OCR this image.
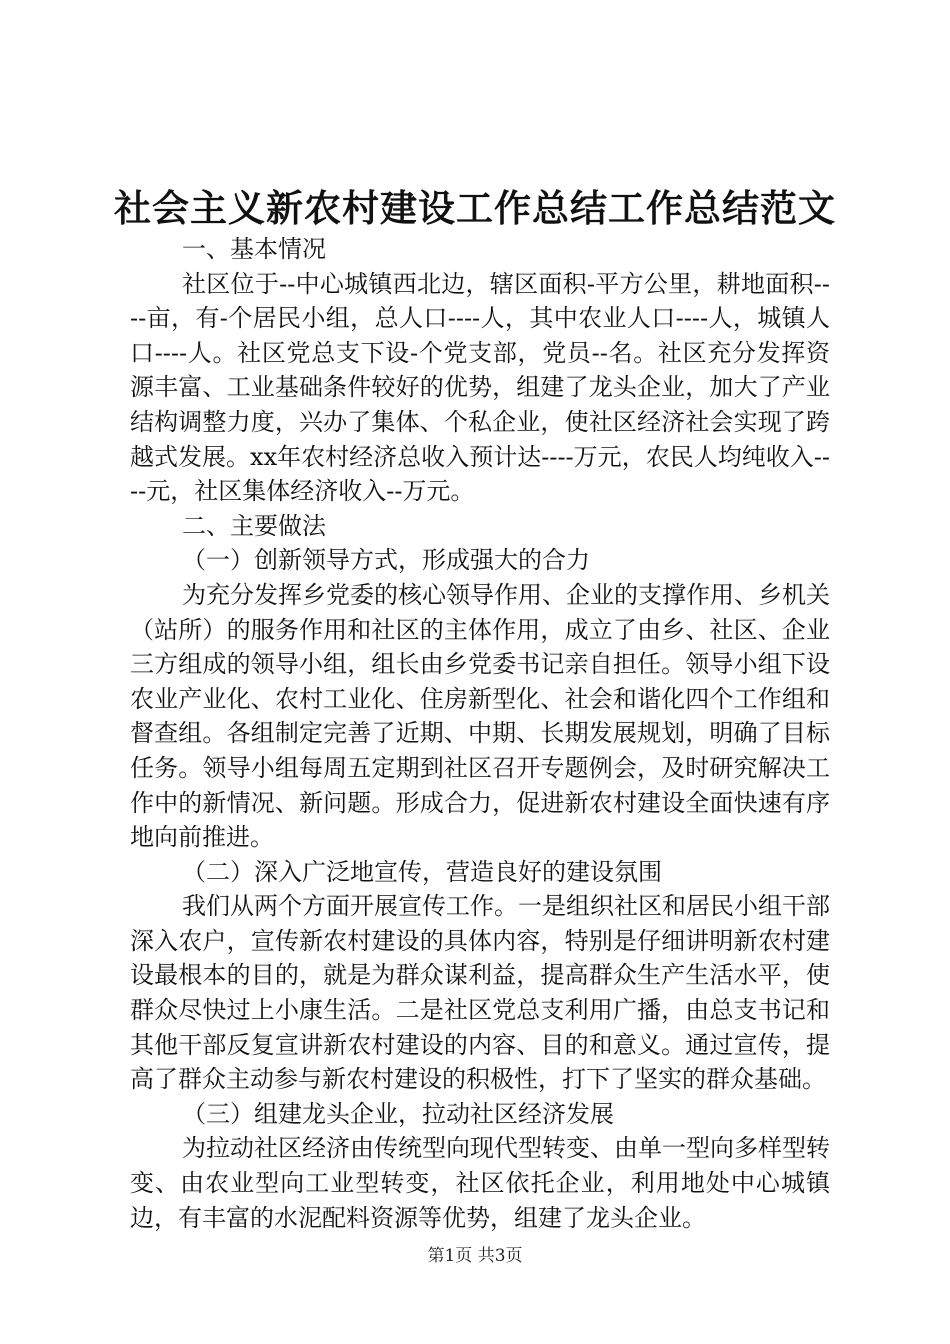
社会主义新农村建设工作总结工作总结范文

一、基本情况

社区位于--中心城镇西北边，辖区面积-平方公里，耕地面积----亩，有-个居民小组，总人口----人，其中农业人口----人，城镇人口----人。社区党总支下设-个党支部，党员--名。社区充分发挥资源丰富、工业基础条件较好的优势，组建了龙头企业，加大了产业结构调整力度，兴办了集体、个私企业，使社区经济社会实现了跨越式发展。xx年农村经济总收入预计达----万元，农民人均纯收入----元，社区集体经济收入--万元。

二、主要做法

（一）创新领导方式，形成强大的合力

为充分发挥乡党委的核心领导作用、企业的支撑作用、乡机关（站所）的服务作用和社区的主体作用，成立了由乡、社区、企业三方组成的领导小组，组长由乡党委书记亲自担任。领导小组下设农业产业化、农村工业化、住房新型化、社会和谐化四个工作组和督查组。各组制定完善了近期、中期、长期发展规划，明确了目标任务。领导小组每周五定期到社区召开专题例会，及时研究解决工作中的新情况、新问题。形成合力，促进新农村建设全面快速有序地向前推进。

（二）深入广泛地宣传，营造良好的建设氛围

我们从两个方面开展宣传工作。一是组织社区和居民小组干部深入农户，宣传新农村建设的具体内容，特别是仔细讲明新农村建设最根本的目的，就是为群众谋利益，提高群众生产生活水平，使群众尽快过上小康生活。二是社区党总支利用广播，由总支书记和其他干部反复宣讲新农村建设的内容、目的和意义。通过宣传，提高了群众主动参与新农村建设的积极性，打下了坚实的群众基础。

（三）组建龙头企业，拉动社区经济发展

为拉动社区经济由传统型向现代型转变、由单一型向多样型转变、由农业型向工业型转变，社区依托企业，利用地处中心城镇边，有丰富的水泥配料资源等优势，组建了龙头企业。

第1页 共3页
